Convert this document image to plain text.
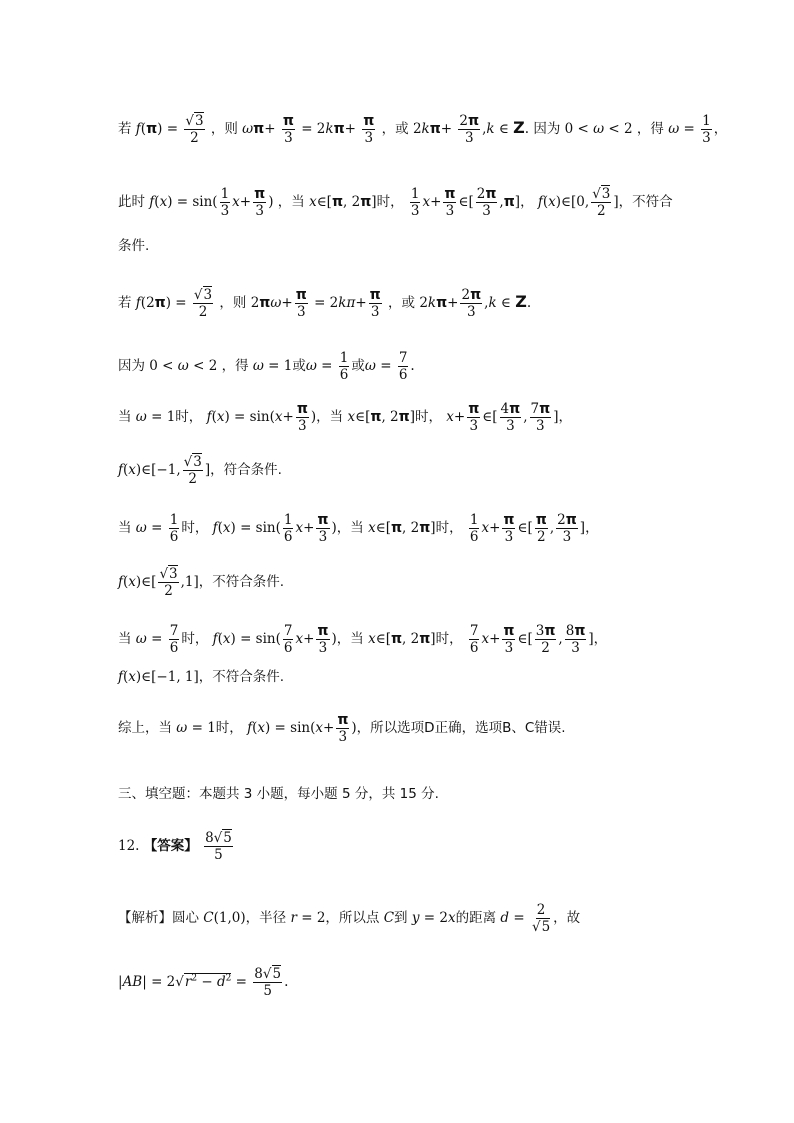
若 $f(\pi) = \frac{√3}{2}$ ，则 $\omega\pi+ \frac{\pi}{3} = 2k\pi+ \frac{\pi}{3}$ ，或 $2k\pi+ \frac{2\pi}{3} ,k$ ∈ Z. 因为 0 < ω < 2 ，得 $\omega = \frac{1}{3}$ ，
此时 $f(x) = \sin( \frac{1}{3} x+ \frac{\pi}{3}$ ) ，当 x∈[π, 2π]时， $\frac{1}{3} x+ \frac{\pi}{3}$ ∈[ $\frac{2\pi}{3} ,\pi$]， f(x)∈[0, $\frac{√3}{2}$ ]，不符合
条件.
若 $f(2\pi) = \frac{√3}{2}$ ，则 $2\pi\omega+ \frac{\pi}{3} = 2k\pi+ \frac{\pi}{3}$ ，或 $2k\pi+ \frac{2\pi}{3} ,k$ ∈ Z.
因为 0 < ω < 2 ，得 ω = 1或$\omega = \frac{1}{6}$ 或$\omega = \frac{7}{6}$ .
当 ω = 1时， $f(x) = \sin(x+ \frac{\pi}{3}$ )，当 x∈[π, 2π]时， $x+ \frac{\pi}{3}$ ∈[ $\frac{4\pi}{3}$ , $\frac{7\pi}{3}$ ]，
f(x)∈[−1, $\frac{√3}{2}$ ]，符合条件.
当 $\omega = \frac{1}{6}$ 时， $f(x) = \sin( \frac{1}{6} x+ \frac{\pi}{3}$ )，当 x∈[π, 2π]时， $\frac{1}{6} x+ \frac{\pi}{3}$ ∈[ $\frac{\pi}{2}$ , $\frac{2\pi}{3}$ ]，
f(x)∈[ $\frac{√3}{2} ,1$]，不符合条件.
当 $\omega = \frac{7}{6}$ 时， $f(x) = \sin( \frac{7}{6} x+ \frac{\pi}{3}$ )，当 x∈[π, 2π]时， $\frac{7}{6} x+ \frac{\pi}{3}$ ∈[ $\frac{3\pi}{2}$ , $\frac{8\pi}{3}$ ]，
f(x)∈[−1, 1]，不符合条件.
综上，当 ω = 1时， $f(x) = \sin(x+ \frac{\pi}{3}$ )，所以选项D正确，选项B、C错误.
三、填空题：本题共 3 小题，每小题 5 分，共 15 分.
12. 【答案】 $\frac{8√5}{5}$
【解析】圆心 C(1,0)，半径 r = 2，所以点 C到 y = 2x的距离 $d = \frac{2}{√5}$ ，故
$|AB| = 2√r^2 - d^2 = \frac{8√5}{5}$ .
